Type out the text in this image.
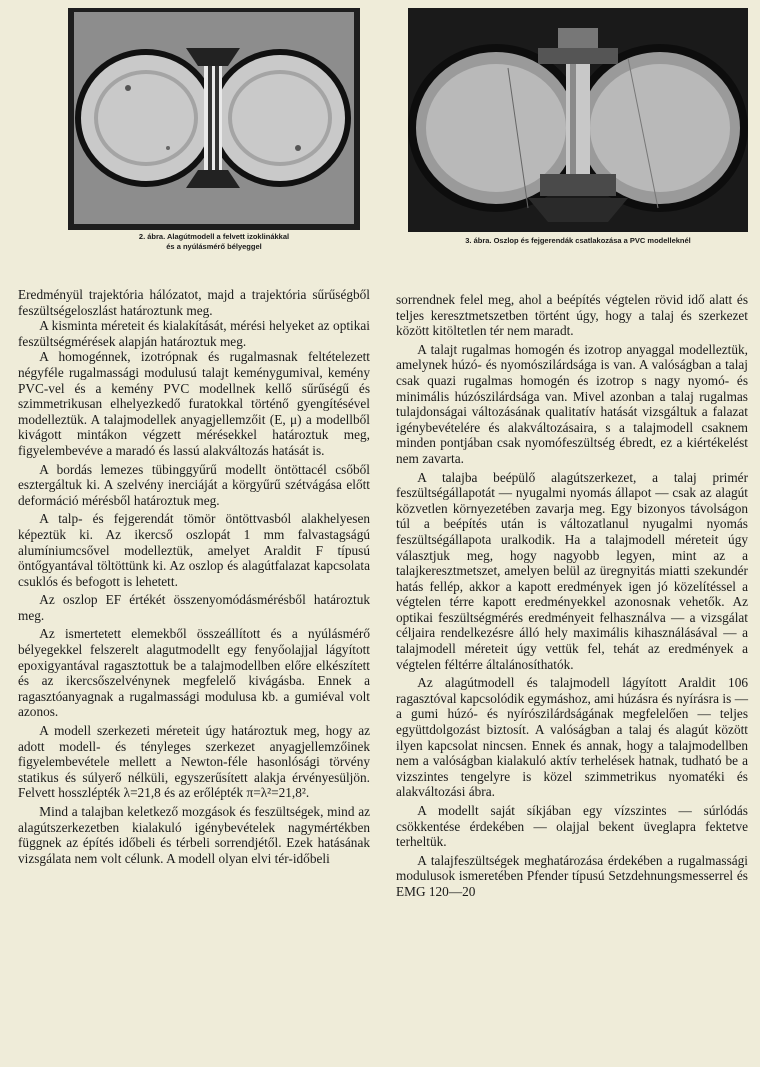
2. ábra. Alagútmodell a felvett izoklinákkal
és a nyúlásmérő bélyeggel
3. ábra. Oszlop és fejgerendák csatlakozása a PVC modelleknél

Eredményül trajektória hálózatot, majd a trajektória sűrűségből feszültségeloszlást határoztunk meg.

A kisminta méreteit és kialakítását, mérési helyeket az optikai feszültségmérések alapján határoztuk meg.

A homogénnek, izotrópnak és rugalmasnak feltételezett négyféle rugalmassági modulusú talajt keménygumival, kemény PVC-vel és a kemény PVC modellnek kellő sűrűségű és szimmetrikusan elhelyezkedő furatokkal történő gyengítésével modelleztük. A talajmodellek anyagjellemzőit (E, μ) a modellből kivágott mintákon végzett mérésekkel határoztuk meg, figyelembevéve a maradó és lassú alakváltozás hatását is.

A bordás lemezes tübinggyűrű modellt öntöttacél csőből esztergáltuk ki. A szelvény inerciáját a körgyűrű szétvágása előtt deformáció mérésből határoztuk meg.

A talp- és fejgerendát tömör öntöttvasból alakhelyesen képeztük ki. Az ikercső oszlopát 1 mm falvastagságú alumíniumcsővel modelleztük, amelyet Araldit F típusú öntőgyantával töltöttünk ki. Az oszlop és alagútfalazat kapcsolata csuklós és befogott is lehetett.

Az oszlop EF értékét összenyomódásmérésből határoztuk meg.

Az ismertetett elemekből összeállított és a nyúlásmérő bélyegekkel felszerelt alagutmodellt egy fenyőolajjal lágyított epoxigyantával ragasztottuk be a talajmodellben előre elkészített és az ikercsőszelvénynek megfelelő kivágásba. Ennek a ragasztóanyagnak a rugalmassági modulusa kb. a gumiéval volt azonos.

A modell szerkezeti méreteit úgy határoztuk meg, hogy az adott modell- és tényleges szerkezet anyagjellemzőinek figyelembevétele mellett a Newton-féle hasonlósági törvény statikus és súlyerő nélküli, egyszerűsített alakja érvényesüljön. Felvett hosszlépték λ=21,8 és az erőlépték π=λ²=21,8².

Mind a talajban keletkező mozgások és feszültségek, mind az alagútszerkezetben kialakuló igénybevételek nagymértékben függnek az építés időbeli és térbeli sorrendjétől. Ezek hatásának vizsgálata nem volt célunk. A modell olyan elvi tér-időbeli

sorrendnek felel meg, ahol a beépítés végtelen rövid idő alatt és teljes keresztmetszetben történt úgy, hogy a talaj és szerkezet között kitöltetlen tér nem maradt.

A talajt rugalmas homogén és izotrop anyaggal modelleztük, amelynek húzó- és nyomószilárdsága is van. A valóságban a talaj csak quazi rugalmas homogén és izotrop s nagy nyomó- és minimális húzószilárdsága van. Mivel azonban a talaj rugalmas tulajdonságai változásának qualitatív hatását vizsgáltuk a falazat igénybevételére és alakváltozásaira, s a talajmodell csaknem minden pontjában csak nyomófeszültség ébredt, ez a kiértékelést nem zavarta.

A talajba beépülő alagútszerkezet, a talaj primér feszültségállapotát — nyugalmi nyomás állapot — csak az alagút közvetlen környezetében zavarja meg. Egy bizonyos távolságon túl a beépítés után is változatlanul nyugalmi nyomás feszültségállapota uralkodik. Ha a talajmodell méreteit úgy választjuk meg, hogy nagyobb legyen, mint az a talajkeresztmetszet, amelyen belül az üregnyitás miatti szekundér hatás fellép, akkor a kapott eredmények igen jó közelítéssel a végtelen térre kapott eredményekkel azonosnak vehetők. Az optikai feszültségmérés eredményeit felhasználva — a vizsgálat céljaira rendelkezésre álló hely maximális kihasználásával — a talajmodell méreteit úgy vettük fel, tehát az eredmények a végtelen féltérre általánosíthatók.

Az alagútmodell és talajmodell lágyított Araldit 106 ragasztóval kapcsolódik egymáshoz, ami húzásra és nyírásra is — a gumi húzó- és nyírószilárdságának megfelelően — teljes együttdolgozást biztosít. A valóságban a talaj és alagút között ilyen kapcsolat nincsen. Ennek és annak, hogy a talajmodellben nem a valóságban kialakuló aktív terhelések hatnak, tudható be a vizszintes tengelyre is közel szimmetrikus nyomatéki és alakváltozási ábra.

A modellt saját síkjában egy vízszintes — súrlódás csökkentése érdekében — olajjal bekent üveglapra fektetve terheltük.

A talajfeszültségek meghatározása érdekében a rugalmassági modulusok ismeretében Pfender típusú Setzdehnungsmesserrel és EMG 120—20
